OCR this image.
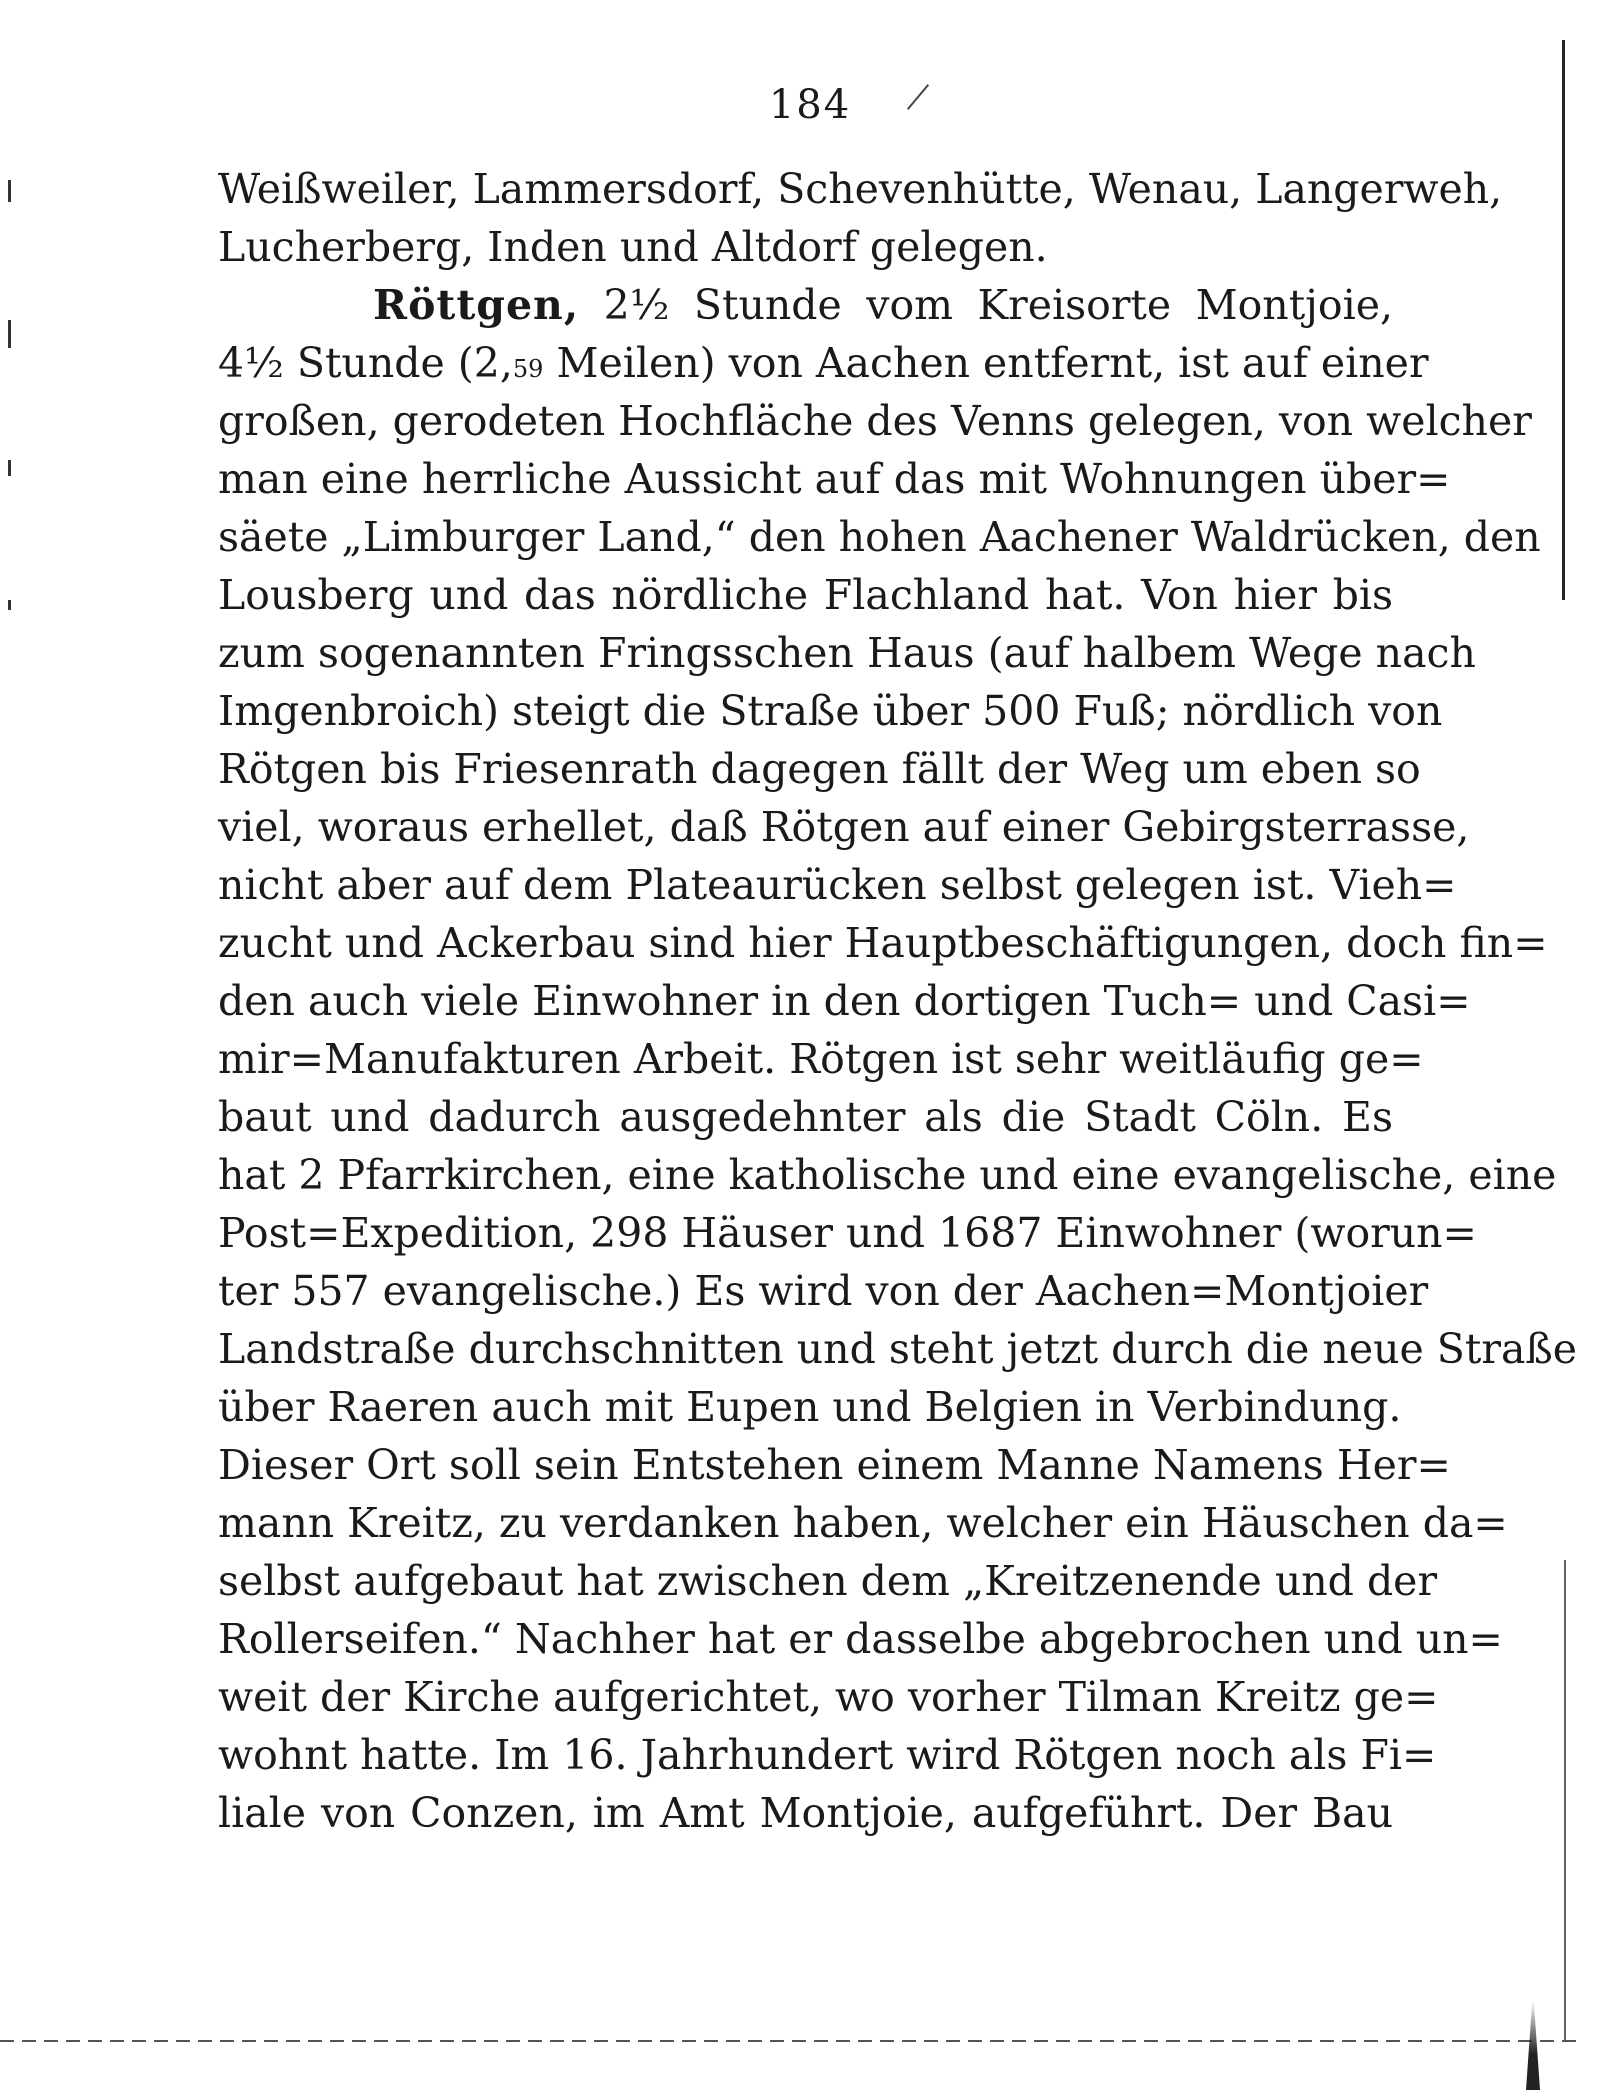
184
Weißweiler, Lammersdorf, Schevenhütte, Wenau, Langerweh,
Lucherberg, Inden und Altdorf gelegen.
Röttgen, 2½ Stunde vom Kreisorte Montjoie,
4½ Stunde (2,59 Meilen) von Aachen entfernt, ist auf einer
großen, gerodeten Hochfläche des Venns gelegen, von welcher
man eine herrliche Aussicht auf das mit Wohnungen über=
säete „Limburger Land,“ den hohen Aachener Waldrücken, den
Lousberg und das nördliche Flachland hat. Von hier bis
zum sogenannten Fringsschen Haus (auf halbem Wege nach
Imgenbroich) steigt die Straße über 500 Fuß; nördlich von
Rötgen bis Friesenrath dagegen fällt der Weg um eben so
viel, woraus erhellet, daß Rötgen auf einer Gebirgsterrasse,
nicht aber auf dem Plateaurücken selbst gelegen ist. Vieh=
zucht und Ackerbau sind hier Hauptbeschäftigungen, doch fin=
den auch viele Einwohner in den dortigen Tuch= und Casi=
mir=Manufakturen Arbeit. Rötgen ist sehr weitläufig ge=
baut und dadurch ausgedehnter als die Stadt Cöln. Es
hat 2 Pfarrkirchen, eine katholische und eine evangelische, eine
Post=Expedition, 298 Häuser und 1687 Einwohner (worun=
ter 557 evangelische.) Es wird von der Aachen=Montjoier
Landstraße durchschnitten und steht jetzt durch die neue Straße
über Raeren auch mit Eupen und Belgien in Verbindung.
Dieser Ort soll sein Entstehen einem Manne Namens Her=
mann Kreitz, zu verdanken haben, welcher ein Häuschen da=
selbst aufgebaut hat zwischen dem „Kreitzenende und der
Rollerseifen.“ Nachher hat er dasselbe abgebrochen und un=
weit der Kirche aufgerichtet, wo vorher Tilman Kreitz ge=
wohnt hatte. Im 16. Jahrhundert wird Rötgen noch als Fi=
liale von Conzen, im Amt Montjoie, aufgeführt. Der Bau
